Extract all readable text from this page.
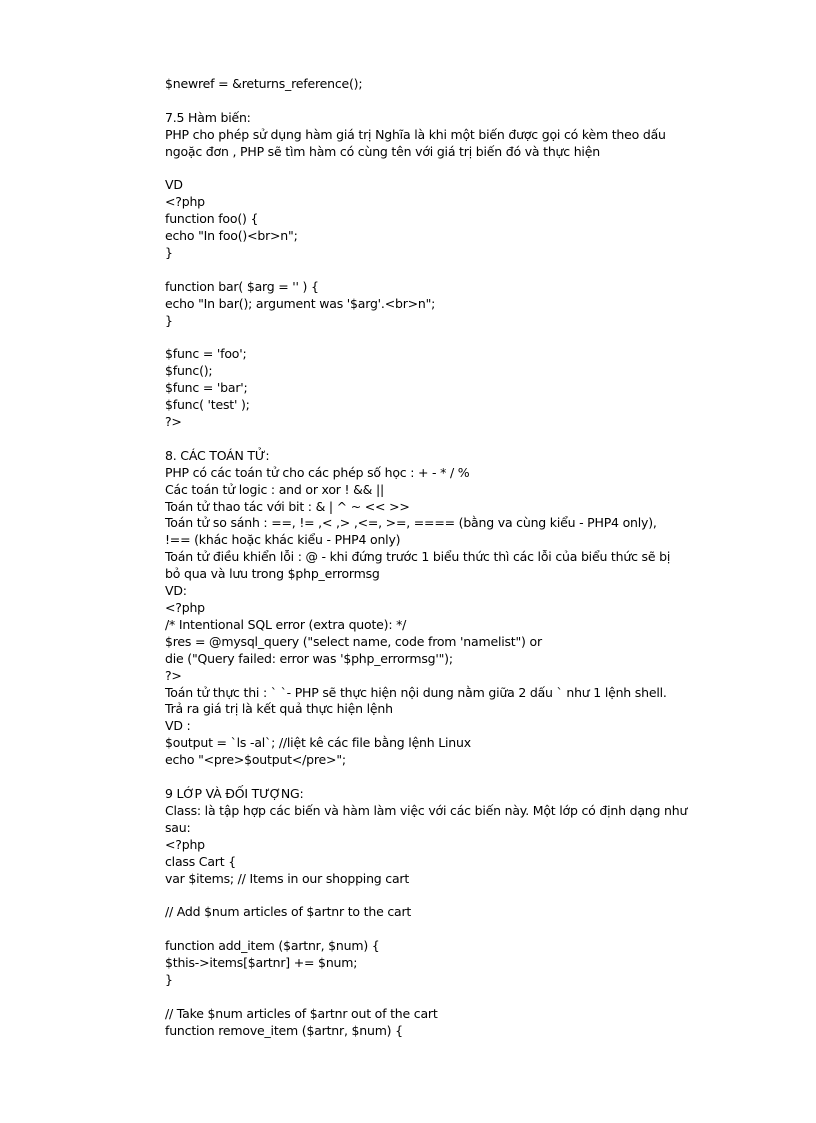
$newref = &returns_reference();
7.5 Hàm biến:
PHP cho phép sử dụng hàm giá trị Nghĩa là khi một biến được gọi có kèm theo dấu
ngoặc đơn , PHP sẽ tìm hàm có cùng tên với giá trị biến đó và thực hiện
VD
<?php
function foo() {
echo "In foo()<br>n";
}
function bar( $arg = '' ) {
echo "In bar(); argument was '$arg'.<br>n";
}
$func = 'foo';
$func();
$func = 'bar';
$func( 'test' );
?>
8. CÁC TOÁN TỬ:
PHP có các toán tử cho các phép số học : + - * / %
Các toán tử logic : and or xor ! && ||
Toán tử thao tác với bit : & | ^ ~ << >>
Toán tử so sánh : ==, != ,< ,> ,<=, >=, ==== (bằng va cùng kiểu - PHP4 only),
!== (khác hoặc khác kiểu - PHP4 only)
Toán tử điều khiển lỗi : @ - khi đứng trước 1 biểu thức thì các lỗi của biểu thức sẽ bị
bỏ qua và lưu trong $php_errormsg
VD:
<?php
/* Intentional SQL error (extra quote): */
$res = @mysql_query ("select name, code from 'namelist") or
die ("Query failed: error was '$php_errormsg'");
?>
Toán tử thực thi : ` `- PHP sẽ thực hiện nội dung nằm giữa 2 dấu ` như 1 lệnh shell.
Trả ra giá trị là kết quả thực hiện lệnh
VD :
$output = `ls -al`; //liệt kê các file bằng lệnh Linux
echo "<pre>$output</pre>";
9 LỚP VÀ ĐỐI TƯỢNG:
Class: là tập hợp các biến và hàm làm việc với các biến này. Một lớp có định dạng như
sau:
<?php
class Cart {
var $items; // Items in our shopping cart
// Add $num articles of $artnr to the cart
function add_item ($artnr, $num) {
$this->items[$artnr] += $num;
}
// Take $num articles of $artnr out of the cart
function remove_item ($artnr, $num) {
